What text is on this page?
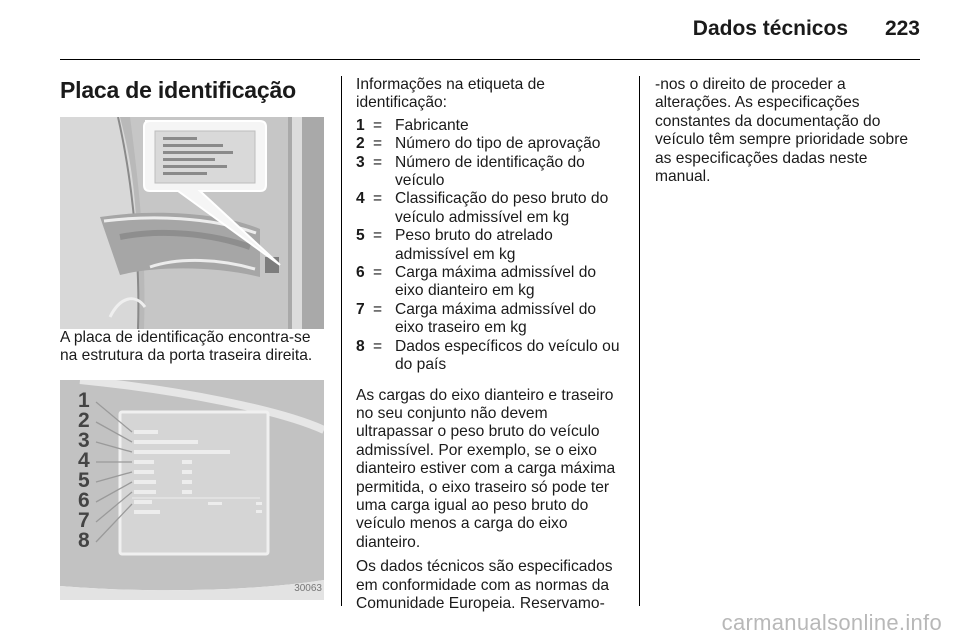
Dados técnicos 223
Placa de identificação

A placa de identificação encontra-se na estrutura da porta traseira direita.

1
2
3
4
5
6
7
8
30063

Informações na etiqueta de identificação:

1 = Fabricante
2 = Número do tipo de aprovação
3 = Número de identificação do veículo
4 = Classificação do peso bruto do veículo admissível em kg
5 = Peso bruto do atrelado admissível em kg
6 = Carga máxima admissível do eixo dianteiro em kg
7 = Carga máxima admissível do eixo traseiro em kg
8 = Dados específicos do veículo ou do país

As cargas do eixo dianteiro e traseiro no seu conjunto não devem ultrapassar o peso bruto do veículo admissível. Por exemplo, se o eixo dianteiro estiver com a carga máxima permitida, o eixo traseiro só pode ter uma carga igual ao peso bruto do veículo menos a carga do eixo dianteiro.

Os dados técnicos são especificados em conformidade com as normas da Comunidade Europeia. Reservamo-

-nos o direito de proceder a alterações. As especificações constantes da documentação do veículo têm sempre prioridade sobre as especificações dadas neste manual.

carmanualsonline.info
